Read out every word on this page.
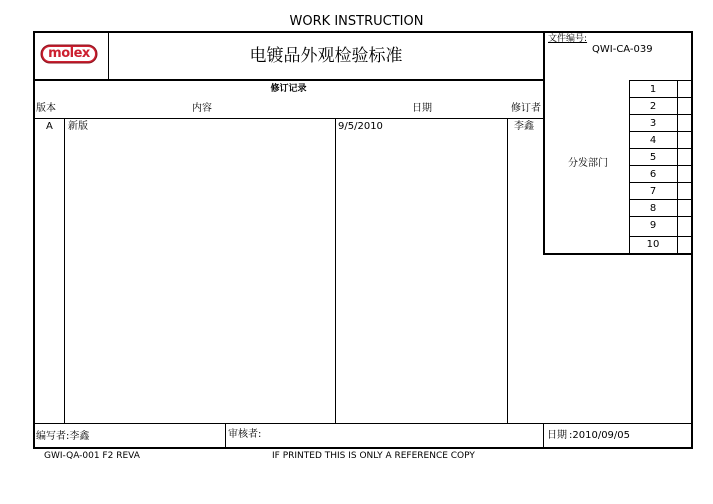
WORK INSTRUCTION
molex	电镀品外观检验标准
文件编号:
QWI-CA-039
修订记录
版本	内容	日期	修订者
A 新版	9/5/2010	李鑫
分发部门
1
2
3
4
5
6
7
8
9
10
编写者:李鑫	审核者:	日期 :2010/09/05
GWI-QA-001 F2 REVA	IF PRINTED THIS IS ONLY A REFERENCE COPY
